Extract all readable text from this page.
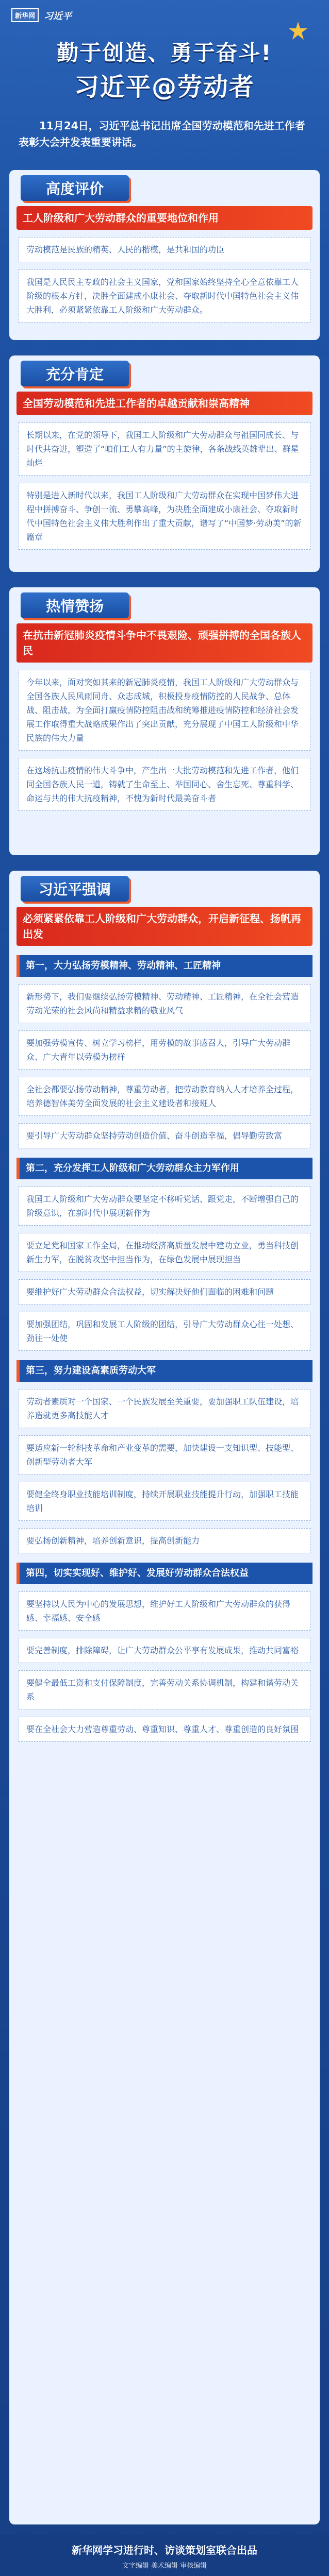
新华网 习近平
勤于创造、勇于奋斗!
习近平@劳动者
11月24日，习近平总书记出席全国劳动模范和先进工作者表彰大会并发表重要讲话。
高度评价
工人阶级和广大劳动群众的重要地位和作用
劳动模范是民族的精英、人民的楷模，是共和国的功臣
我国是人民民主专政的社会主义国家，党和国家始终坚持全心全意依靠工人阶级的根本方针，决胜全面建成小康社会、夺取新时代中国特色社会主义伟大胜利，必须紧紧依靠工人阶级和广大劳动群众。
充分肯定
全国劳动模范和先进工作者的卓越贡献和崇高精神
长期以来，在党的领导下，我国工人阶级和广大劳动群众与祖国同成长、与时代共奋进，塑造了“咱们工人有力量”的主旋律，各条战线英雄辈出、群星灿烂
特别是进入新时代以来，我国工人阶级和广大劳动群众在实现中国梦伟大进程中拼搏奋斗、争创一流、勇攀高峰，为决胜全面建成小康社会、夺取新时代中国特色社会主义伟大胜利作出了重大贡献，谱写了“中国梦·劳动美”的新篇章
热情赞扬
在抗击新冠肺炎疫情斗争中不畏艰险、顽强拼搏的全国各族人民
今年以来，面对突如其来的新冠肺炎疫情，我国工人阶级和广大劳动群众与全国各族人民风雨同舟、众志成城，积极投身疫情防控的人民战争、总体战、阻击战，为全面打赢疫情防控阻击战和统筹推进疫情防控和经济社会发展工作取得重大战略成果作出了突出贡献，充分展现了中国工人阶级和中华民族的伟大力量
在这场抗击疫情的伟大斗争中，产生出一大批劳动模范和先进工作者，他们同全国各族人民一道，铸就了生命至上、举国同心、舍生忘死、尊重科学、命运与共的伟大抗疫精神，不愧为新时代最美奋斗者
习近平强调
必须紧紧依靠工人阶级和广大劳动群众，开启新征程、扬帆再出发
第一，大力弘扬劳模精神、劳动精神、工匠精神
新形势下，我们要继续弘扬劳模精神、劳动精神、工匠精神，在全社会营造劳动光荣的社会风尚和精益求精的敬业风气
要加强劳模宣传、树立学习榜样，用劳模的故事感召人，引导广大劳动群众、广大青年以劳模为榜样
全社会都要弘扬劳动精神，尊重劳动者，把劳动教育纳入人才培养全过程，培养德智体美劳全面发展的社会主义建设者和接班人
要引导广大劳动群众坚持劳动创造价值、奋斗创造幸福，倡导勤劳致富
第二，充分发挥工人阶级和广大劳动群众主力军作用
我国工人阶级和广大劳动群众要坚定不移听党话、跟党走，不断增强自己的阶级意识，在新时代中展现新作为
要立足党和国家工作全局，在推动经济高质量发展中建功立业，勇当科技创新生力军，在脱贫攻坚中担当作为，在绿色发展中展现担当
要维护好广大劳动群众合法权益，切实解决好他们面临的困难和问题
要加强团结，巩固和发展工人阶级的团结，引导广大劳动群众心往一处想、劲往一处使
第三，努力建设高素质劳动大军
劳动者素质对一个国家、一个民族发展至关重要，要加强职工队伍建设，培养造就更多高技能人才
要适应新一轮科技革命和产业变革的需要，加快建设一支知识型、技能型、创新型劳动者大军
要健全终身职业技能培训制度，持续开展职业技能提升行动，加强职工技能培训
要弘扬创新精神，培养创新意识，提高创新能力
第四，切实实现好、维护好、发展好劳动群众合法权益
要坚持以人民为中心的发展思想，维护好工人阶级和广大劳动群众的获得感、幸福感、安全感
要完善制度，排除障碍，让广大劳动群众公平享有发展成果，推动共同富裕
要健全最低工资和支付保障制度，完善劳动关系协调机制，构建和谐劳动关系
要在全社会大力营造尊重劳动、尊重知识、尊重人才、尊重创造的良好氛围
新华网学习进行时、访谈策划室联合出品
文字编辑 美术编辑 审核编辑
